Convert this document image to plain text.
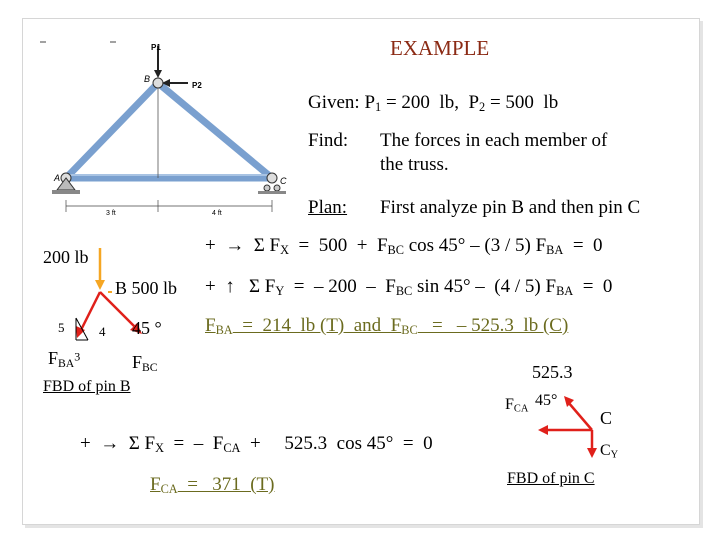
EXAMPLE
P1
P2
B
A	C
3 ft	4 ft
Given: $P_1 = 200$  lb,  $P_2 = 500$  lb
Find: The forces in each member of
the truss.
Plan: First analyze pin B and then pin C
+  →  Σ $F_X = 500 + F_{BC}$ cos 45° – (3 / 5) $F_{BA} = 0$
+  ↑   Σ $F_Y$  =  – $200 - F_{BC}$ sin 45° –  (4 / 5) $F_{BA} = 0$
$F_{BA} = 214$  lb (T)  and  $F_{BC}$   =   – 525.3  lb (C)
200 lb
B 500 lb
5	4 45 °
$F_{BA}^3$	$F_{BC}$
FBD of pin B
525.3
$F_{CA}$
45°
C
$C_Y$
FBD of pin C
+  →  Σ $F_X$  =  –  $F_{CA}$  +     525.3  cos 45°  =  0
$F_{CA} = 371$  (T)
